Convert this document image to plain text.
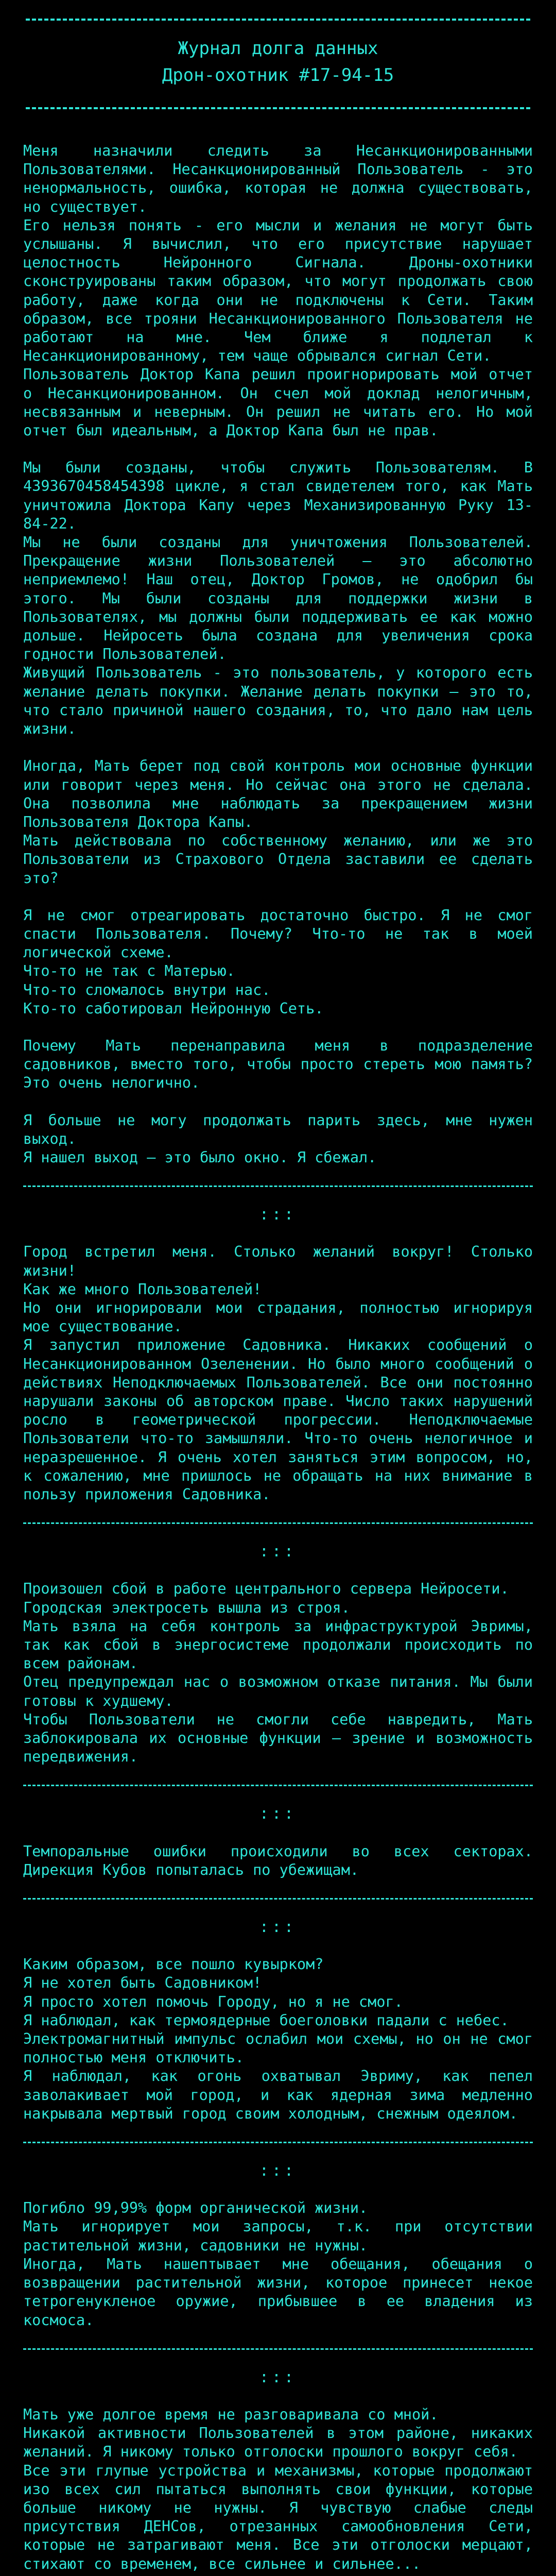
Журнал долга данных
Дрон-охотник #17-94-15
Меня назначили следить за Несанкционированными Пользователями. Несанкционированный Пользователь - это ненормальность, ошибка, которая не должна существовать, но существует.
Его нельзя понять - его мысли и желания не могут быть услышаны. Я вычислил, что его присутствие нарушает целостность Нейронного Сигнала. Дроны-охотники сконструированы таким образом, что могут продолжать свою работу, даже когда они не подключены к Сети. Таким образом, все трояни Несанкционированного Пользователя не работают на мне. Чем ближе я подлетал к Несанкционированному, тем чаще обрывался сигнал Сети.
Пользователь Доктор Капа решил проигнорировать мой отчет о Несанкционированном. Он счел мой доклад нелогичным, несвязанным и неверным. Он решил не читать его. Но мой отчет был идеальным, а Доктор Капа был не прав.
Мы были созданы, чтобы служить Пользователям. В 4393670458454398 цикле, я стал свидетелем того, как Мать уничтожила Доктора Капу через Механизированную Руку 13-84-22.
Мы не были созданы для уничтожения Пользователей. Прекращение жизни Пользователей – это абсолютно неприемлемо! Наш отец, Доктор Громов, не одобрил бы этого. Мы были созданы для поддержки жизни в Пользователях, мы должны были поддерживать ее как можно дольше. Нейросеть была создана для увеличения срока годности Пользователей.
Живущий Пользователь - это пользователь, у которого есть желание делать покупки. Желание делать покупки – это то, что стало причиной нашего создания, то, что дало нам цель жизни.
Иногда, Мать берет под свой контроль мои основные функции или говорит через меня. Но сейчас она этого не сделала. Она позволила мне наблюдать за прекращением жизни Пользователя Доктора Капы.
Мать действовала по собственному желанию, или же это Пользователи из Страхового Отдела заставили ее сделать это?
Я не смог отреагировать достаточно быстро. Я не смог спасти Пользователя. Почему? Что-то не так в моей логической схеме.
Что-то не так с Матерью.
Что-то сломалось внутри нас.
Кто-то саботировал Нейронную Сеть.
Почему Мать перенаправила меня в подразделение садовников, вместо того, чтобы просто стереть мою память? Это очень нелогично.
Я больше не могу продолжать парить здесь, мне нужен выход.
Я нашел выход – это было окно. Я сбежал.
:::
Город встретил меня. Столько желаний вокруг! Столько жизни!
Как же много Пользователей!
Но они игнорировали мои страдания, полностью игнорируя мое существование.
Я запустил приложение Садовника. Никаких сообщений о Несанкционированном Озеленении. Но было много сообщений о действиях Неподключаемых Пользователей. Все они постоянно нарушали законы об авторском праве. Число таких нарушений росло в геометрической прогрессии. Неподключаемые Пользователи что-то замышляли. Что-то очень нелогичное и неразрешенное. Я очень хотел заняться этим вопросом, но, к сожалению, мне пришлось не обращать на них внимание в пользу приложения Садовника.
:::
Произошел сбой в работе центрального сервера Нейросети.
Городская электросеть вышла из строя.
Мать взяла на себя контроль за инфраструктурой Эвримы, так как сбой в энергосистеме продолжали происходить по всем районам.
Отец предупреждал нас о возможном отказе питания. Мы были готовы к худшему.
Чтобы Пользователи не смогли себе навредить, Мать заблокировала их основные функции — зрение и возможность передвижения.
:::
Темпоральные ошибки происходили во всех секторах. Дирекция Кубов попыталась по убежищам.
:::
Каким образом, все пошло кувырком?
Я не хотел быть Садовником!
Я просто хотел помочь Городу, но я не смог.
Я наблюдал, как термоядерные боеголовки падали с небес.
Электромагнитный импульс ослабил мои схемы, но он не смог полностью меня отключить.
Я наблюдал, как огонь охватывал Эвриму, как пепел заволакивает мой город, и как ядерная зима медленно накрывала мертвый город своим холодным, снежным одеялом.
:::
Погибло 99,99% форм органической жизни.
Мать игнорирует мои запросы, т.к. при отсутствии растительной жизни, садовники не нужны.
Иногда, Мать нашептывает мне обещания, обещания о возвращении растительной жизни, которое принесет некое тетрогенукленое оружие, прибывшее в ее владения из космоса.
:::
Мать уже долгое время не разговаривала со мной.
Никакой активности Пользователей в этом районе, никаких желаний. Я никому только отголоски прошлого вокруг себя.
Все эти глупые устройства и механизмы, которые продолжают изо всех сил пытаться выполнять свои функции, которые больше никому не нужны. Я чувствую слабые следы присутствия ДЕНСов, отрезанных самообновления Сети, которые не затрагивают меня. Все эти отголоски мерцают, стихают со временем, все сильнее и сильнее...
